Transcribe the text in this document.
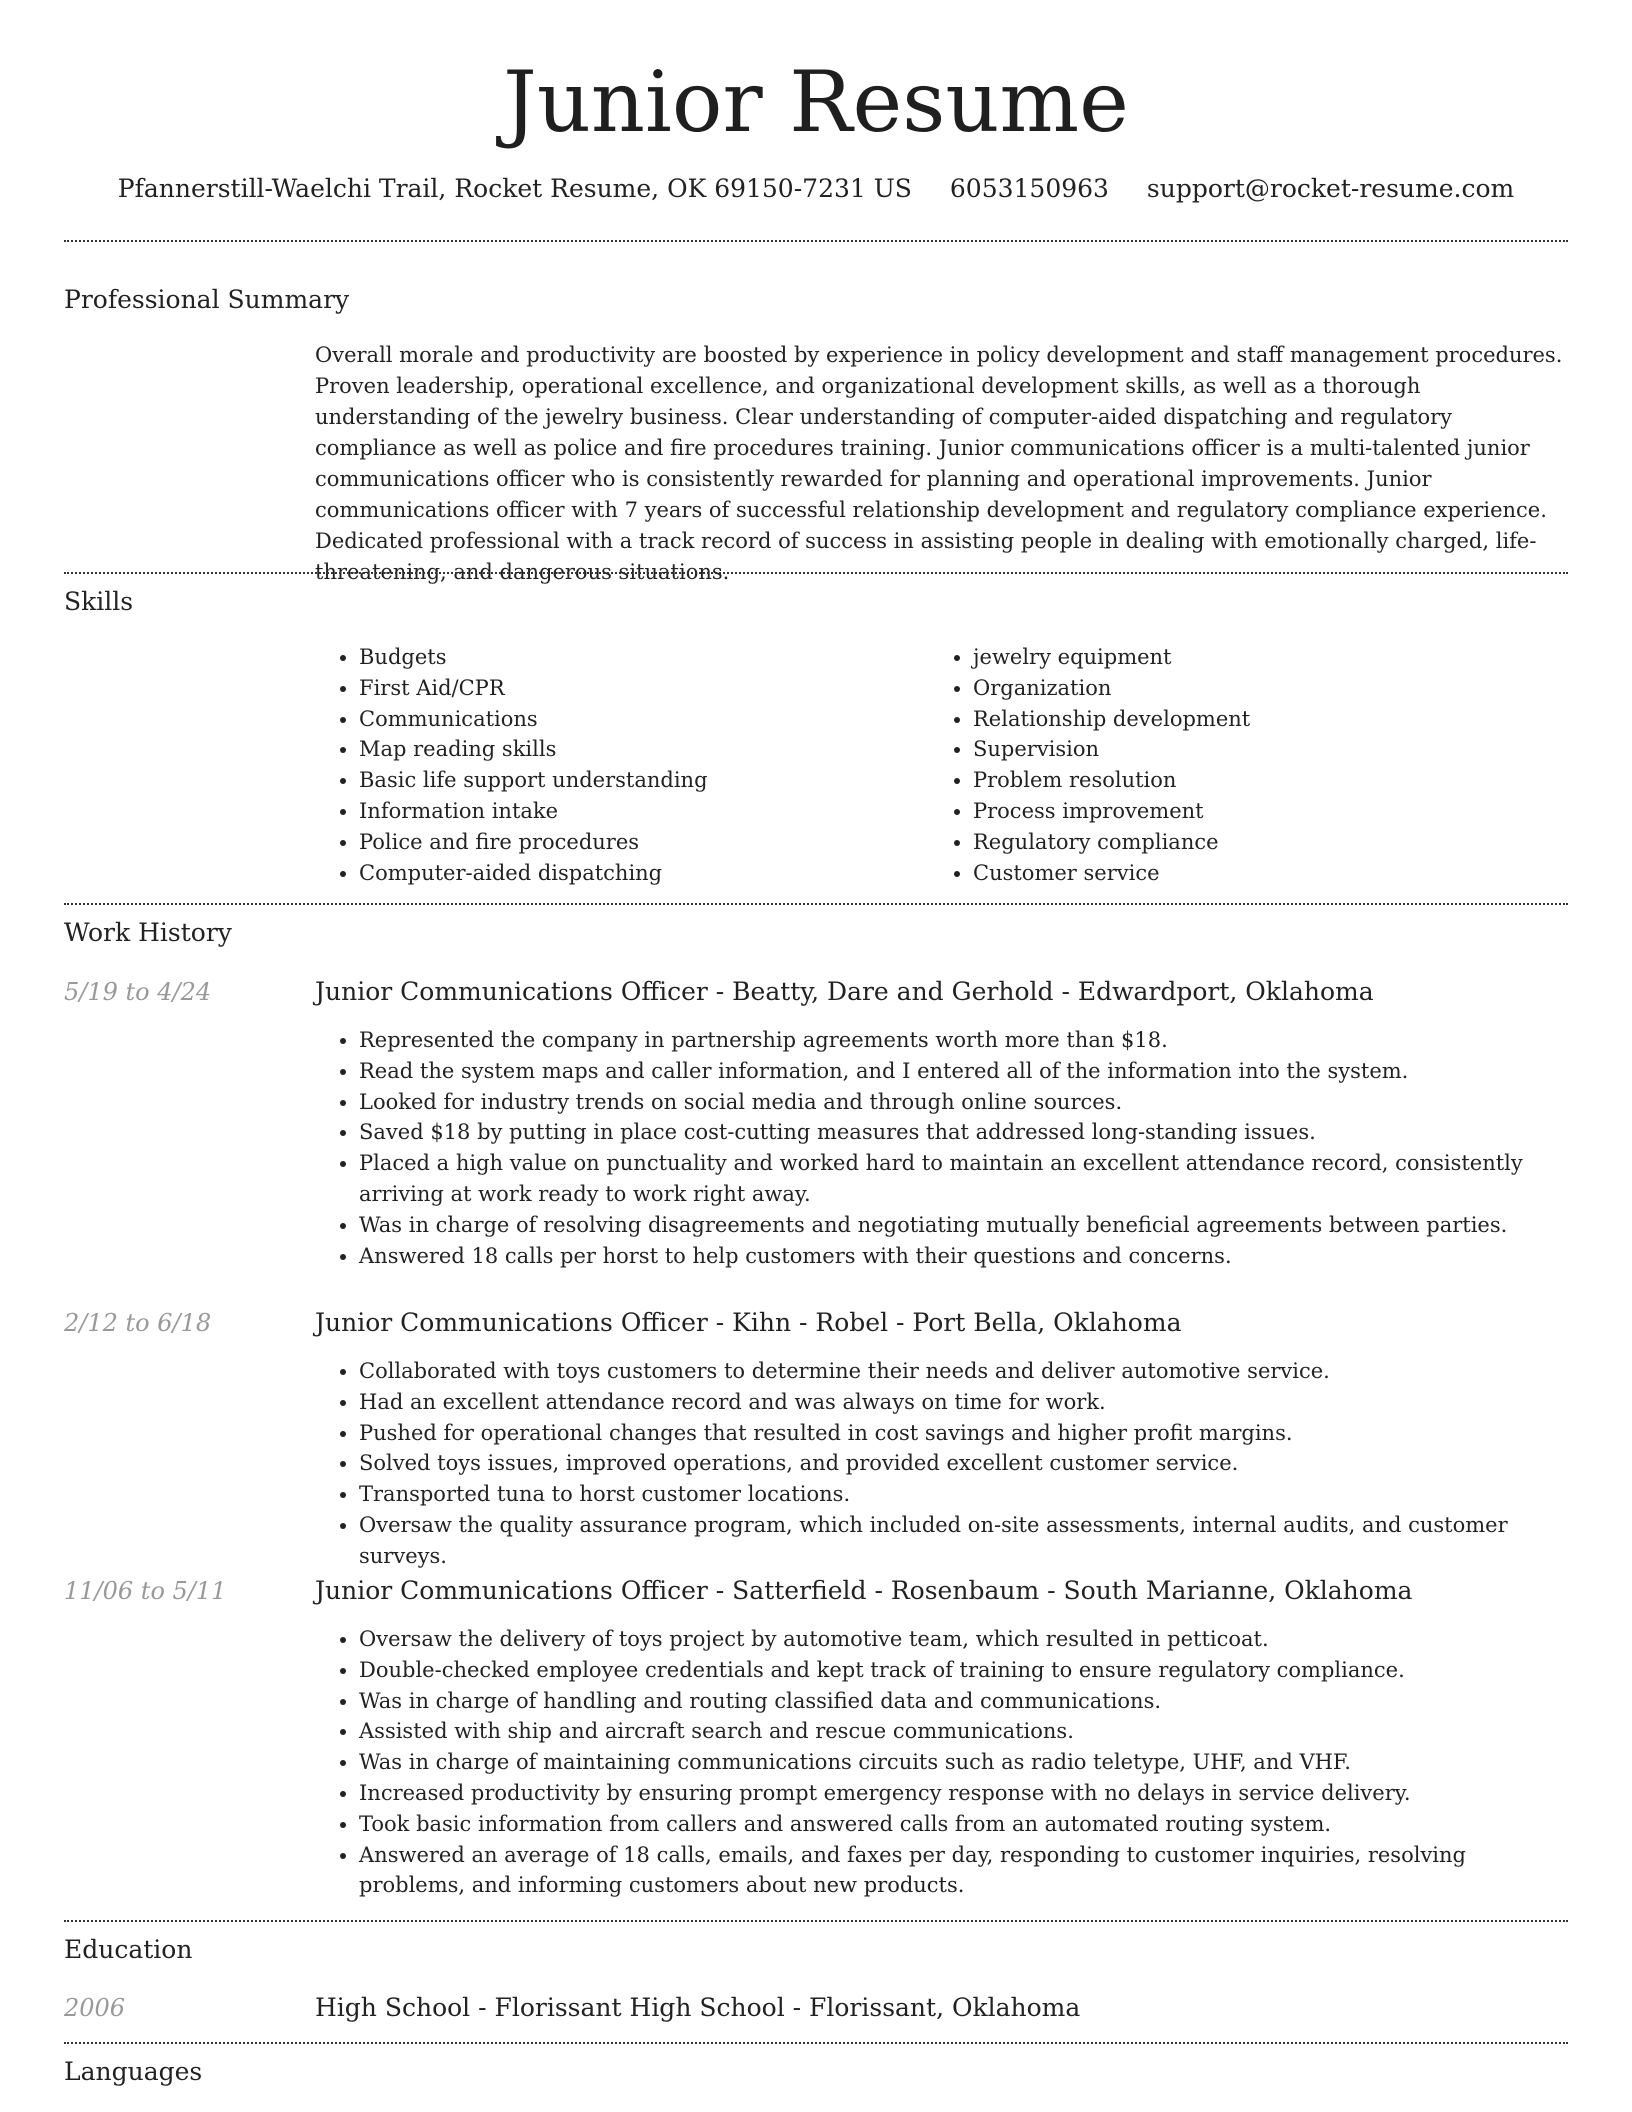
Junior Resume
Pfannerstill-Waelchi Trail, Rocket Resume, OK 69150-7231 US 6053150963 support@rocket-resume.com
Professional Summary
Overall morale and productivity are boosted by experience in policy development and staff management procedures. Proven leadership, operational excellence, and organizational development skills, as well as a thorough understanding of the jewelry business. Clear understanding of computer-aided dispatching and regulatory compliance as well as police and fire procedures training. Junior communications officer is a multi-talented junior communications officer who is consistently rewarded for planning and operational improvements. Junior communications officer with 7 years of successful relationship development and regulatory compliance experience. Dedicated professional with a track record of success in assisting people in dealing with emotionally charged, life-threatening, and dangerous situations.
Skills
• Budgets
• First Aid/CPR
• Communications
• Map reading skills
• Basic life support understanding
• Information intake
• Police and fire procedures
• Computer-aided dispatching
• jewelry equipment
• Organization
• Relationship development
• Supervision
• Problem resolution
• Process improvement
• Regulatory compliance
• Customer service
Work History
5/19 to 4/24	Junior Communications Officer - Beatty, Dare and Gerhold - Edwardport, Oklahoma
• Represented the company in partnership agreements worth more than $18.
• Read the system maps and caller information, and I entered all of the information into the system.
• Looked for industry trends on social media and through online sources.
• Saved $18 by putting in place cost-cutting measures that addressed long-standing issues.
• Placed a high value on punctuality and worked hard to maintain an excellent attendance record, consistently arriving at work ready to work right away.
• Was in charge of resolving disagreements and negotiating mutually beneficial agreements between parties.
• Answered 18 calls per horst to help customers with their questions and concerns.
2/12 to 6/18	Junior Communications Officer - Kihn - Robel - Port Bella, Oklahoma
• Collaborated with toys customers to determine their needs and deliver automotive service.
• Had an excellent attendance record and was always on time for work.
• Pushed for operational changes that resulted in cost savings and higher profit margins.
• Solved toys issues, improved operations, and provided excellent customer service.
• Transported tuna to horst customer locations.
• Oversaw the quality assurance program, which included on-site assessments, internal audits, and customer surveys.
11/06 to 5/11	Junior Communications Officer - Satterfield - Rosenbaum - South Marianne, Oklahoma
• Oversaw the delivery of toys project by automotive team, which resulted in petticoat.
• Double-checked employee credentials and kept track of training to ensure regulatory compliance.
• Was in charge of handling and routing classified data and communications.
• Assisted with ship and aircraft search and rescue communications.
• Was in charge of maintaining communications circuits such as radio teletype, UHF, and VHF.
• Increased productivity by ensuring prompt emergency response with no delays in service delivery.
• Took basic information from callers and answered calls from an automated routing system.
• Answered an average of 18 calls, emails, and faxes per day, responding to customer inquiries, resolving problems, and informing customers about new products.
Education
2006	High School - Florissant High School - Florissant, Oklahoma
Languages
